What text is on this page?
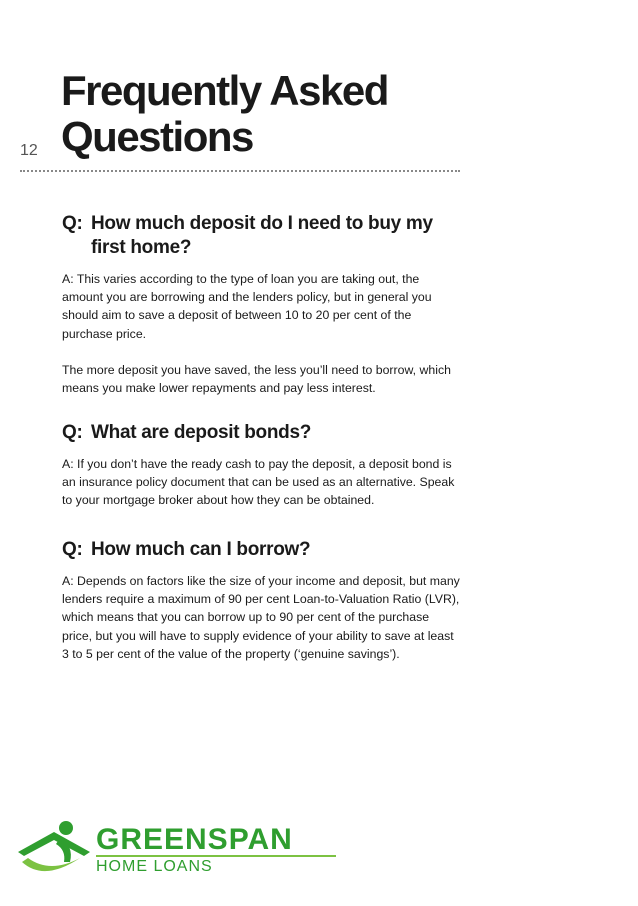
12
Frequently Asked
Questions
Q: How much deposit do I need to buy my first home?

A: This varies according to the type of loan you are taking out, the amount you are borrowing and the lenders policy, but in general you should aim to save a deposit of between 10 to 20 per cent of the purchase price.

The more deposit you have saved, the less you’ll need to borrow, which means you make lower repayments and pay less interest.

Q: What are deposit bonds?

A: If you don’t have the ready cash to pay the deposit, a deposit bond is an insurance policy document that can be used as an alternative. Speak to your mortgage broker about how they can be obtained.

Q: How much can I borrow?

A: Depends on factors like the size of your income and deposit, but many lenders require a maximum of 90 per cent Loan-to-Valuation Ratio (LVR), which means that you can borrow up to 90 per cent of the purchase price, but you will have to supply evidence of your ability to save at least 3 to 5 per cent of the value of the property (‘genuine savings’).

GREENSPAN
HOME LOANS
